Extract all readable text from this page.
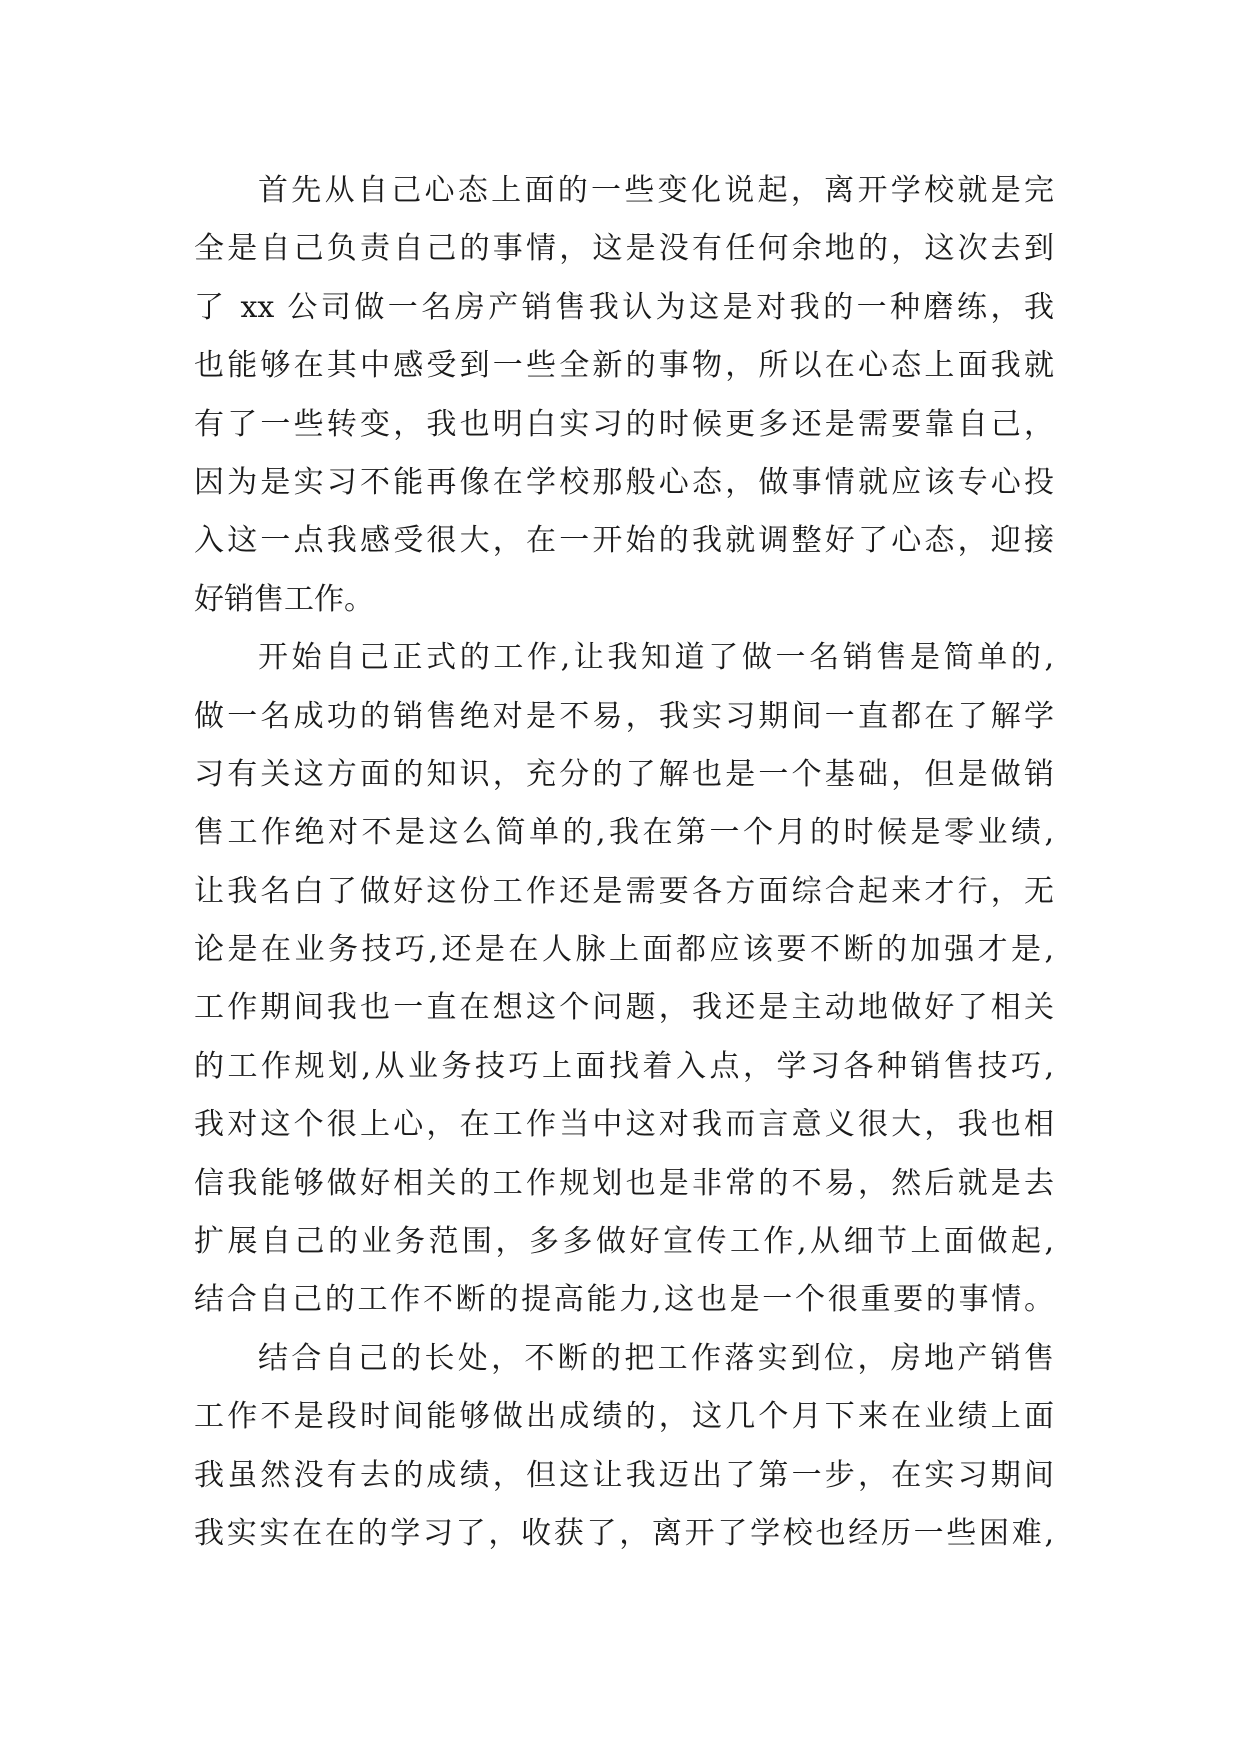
首先从自己心态上面的一些变化说起，离开学校就是完
全是自己负责自己的事情，这是没有任何余地的，这次去到
了 xx 公司做一名房产销售我认为这是对我的一种磨练，我
也能够在其中感受到一些全新的事物，所以在心态上面我就
有了一些转变，我也明白实习的时候更多还是需要靠自己，
因为是实习不能再像在学校那般心态，做事情就应该专心投
入这一点我感受很大，在一开始的我就调整好了心态，迎接
好销售工作。
开始自己正式的工作,让我知道了做一名销售是简单的,
做一名成功的销售绝对是不易，我实习期间一直都在了解学
习有关这方面的知识，充分的了解也是一个基础，但是做销
售工作绝对不是这么简单的,我在第一个月的时候是零业绩,
让我名白了做好这份工作还是需要各方面综合起来才行，无
论是在业务技巧,还是在人脉上面都应该要不断的加强才是,
工作期间我也一直在想这个问题，我还是主动地做好了相关
的工作规划,从业务技巧上面找着入点，学习各种销售技巧,
我对这个很上心，在工作当中这对我而言意义很大，我也相
信我能够做好相关的工作规划也是非常的不易，然后就是去
扩展自己的业务范围，多多做好宣传工作,从细节上面做起,
结合自己的工作不断的提高能力,这也是一个很重要的事情。
结合自己的长处，不断的把工作落实到位，房地产销售
工作不是段时间能够做出成绩的，这几个月下来在业绩上面
我虽然没有去的成绩，但这让我迈出了第一步，在实习期间
我实实在在的学习了，收获了，离开了学校也经历一些困难,
